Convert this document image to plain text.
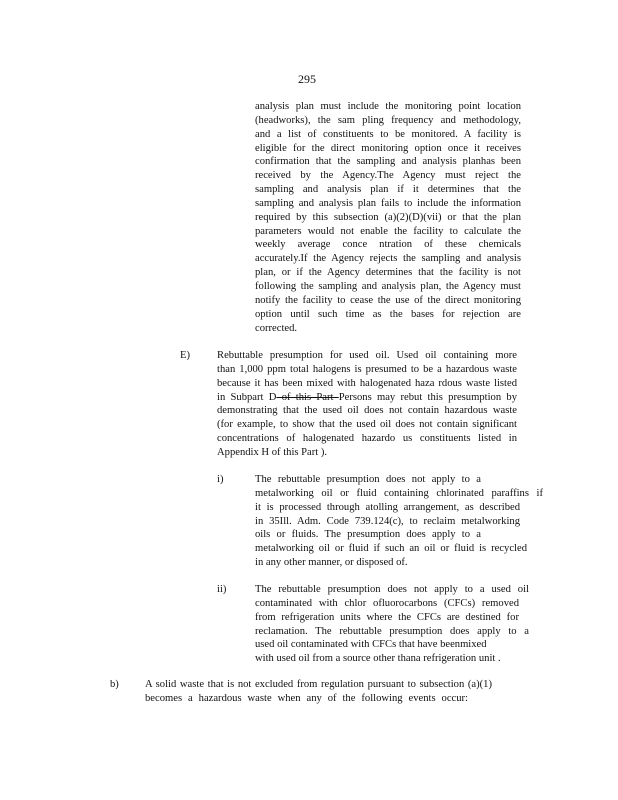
295
analysis plan must include the monitoring point location
(headworks), the sam pling frequency and methodology,
and a list of constituents to be monitored. A facility is
eligible for the direct monitoring option once it receives
confirmation that the sampling and analysis planhas been
received by the Agency.The Agency must reject the
sampling and analysis plan if it determines that the
sampling and analysis plan fails to include the information
required by this subsection (a)(2)(D)(vii) or that the plan
parameters would not enable the facility to calculate the
weekly average conce ntration of these chemicals
accurately.If the Agency rejects the sampling and analysis
plan, or if the Agency determines that the facility is not
following the sampling and analysis plan, the Agency must
notify the facility to cease the use of the direct monitoring
option until such time as the bases for rejection are
corrected.
E)	Rebuttable presumption for used oil. Used oil containing more
than 1,000 ppm total halogens is presumed to be a hazardous waste
because it has been mixed with halogenated haza rdous waste listed
in Subpart D of this Part Persons may rebut this presumption by
demonstrating that the used oil does not contain hazardous waste
(for example, to show that the used oil does not contain significant
concentrations of halogenated hazardo us constituents listed in
Appendix H of this Part ).
i)	The rebuttable presumption does not apply to a
metalworking oil or fluid containing chlorinated paraffins if
it is processed through atolling arrangement, as described
in 35Ill. Adm. Code 739.124(c), to reclaim metalworking
oils or fluids. The presumption does apply to a
metalworking oil or fluid if such an oil or fluid is recycled
in any other manner, or disposed of.
ii)	The rebuttable presumption does not apply to a used oil
contaminated with chlor ofluorocarbons (CFCs) removed
from refrigeration units where the CFCs are destined for
reclamation. The rebuttable presumption does apply to a
used oil contaminated with CFCs that have beenmixed
with used oil from a source other thana refrigeration unit .
b) A solid waste that is not excluded from regulation pursuant to subsection (a)(1)
becomes a hazardous waste when any of the following events occur:
